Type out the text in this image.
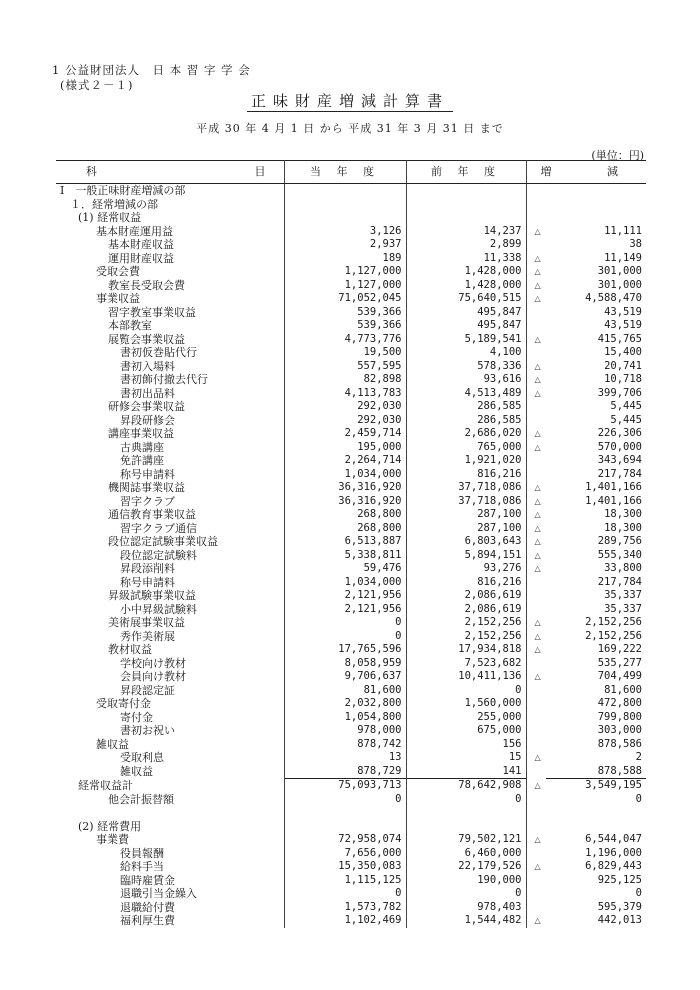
1 公益財団法人　日 本 習 字 学 会
(様式２－１)
正味財産増減計算書
平成 30 年 4 月 1 日 から 平成 31 年 3 月 31 日 まで
(単位：円)
科 目	当 年 度	前 年 度	増 減	

Ⅰ　一般正味財産増減の部				
１．経常増減の部				
(1) 経常収益				
基本財産運用益	3,126	14,237	△	11,111
基本財産収益	2,937	2,899		38
運用財産収益	189	11,338	△	11,149
受取会費	1,127,000	1,428,000	△	301,000
教室長受取会費	1,127,000	1,428,000	△	301,000
事業収益	71,052,045	75,640,515	△	4,588,470
習字教室事業収益	539,366	495,847		43,519
本部教室	539,366	495,847		43,519
展覧会事業収益	4,773,776	5,189,541	△	415,765
書初仮巻貼代行	19,500	4,100		15,400
書初入場料	557,595	578,336	△	20,741
書初飾付撤去代行	82,898	93,616	△	10,718
書初出品料	4,113,783	4,513,489	△	399,706
研修会事業収益	292,030	286,585		5,445
昇段研修会	292,030	286,585		5,445
講座事業収益	2,459,714	2,686,020	△	226,306
古典講座	195,000	765,000	△	570,000
免許講座	2,264,714	1,921,020		343,694
称号申請料	1,034,000	816,216		217,784
機関誌事業収益	36,316,920	37,718,086	△	1,401,166
習字クラブ	36,316,920	37,718,086	△	1,401,166
通信教育事業収益	268,800	287,100	△	18,300
習字クラブ通信	268,800	287,100	△	18,300
段位認定試験事業収益	6,513,887	6,803,643	△	289,756
段位認定試験料	5,338,811	5,894,151	△	555,340
昇段添削料	59,476	93,276	△	33,800
称号申請料	1,034,000	816,216		217,784
昇級試験事業収益	2,121,956	2,086,619		35,337
小中昇級試験料	2,121,956	2,086,619		35,337
美術展事業収益	0	2,152,256	△	2,152,256
秀作美術展	0	2,152,256	△	2,152,256
教材収益	17,765,596	17,934,818	△	169,222
学校向け教材	8,058,959	7,523,682		535,277
会員向け教材	9,706,637	10,411,136	△	704,499
昇段認定証	81,600	0		81,600
受取寄付金	2,032,800	1,560,000		472,800
寄付金	1,054,800	255,000		799,800
書初お祝い	978,000	675,000		303,000
雑収益	878,742	156		878,586
受取利息	13	15	△	2
雑収益	878,729	141		878,588
経常収益計	75,093,713	78,642,908	△	3,549,195
他会計振替額	0	0		0

(2) 経常費用				
事業費	72,958,074	79,502,121	△	6,544,047
役員報酬	7,656,000	6,460,000		1,196,000
給料手当	15,350,083	22,179,526	△	6,829,443
臨時雇賃金	1,115,125	190,000		925,125
退職引当金繰入	0	0		0
退職給付費	1,573,782	978,403		595,379
福利厚生費	1,102,469	1,544,482	△	442,013
